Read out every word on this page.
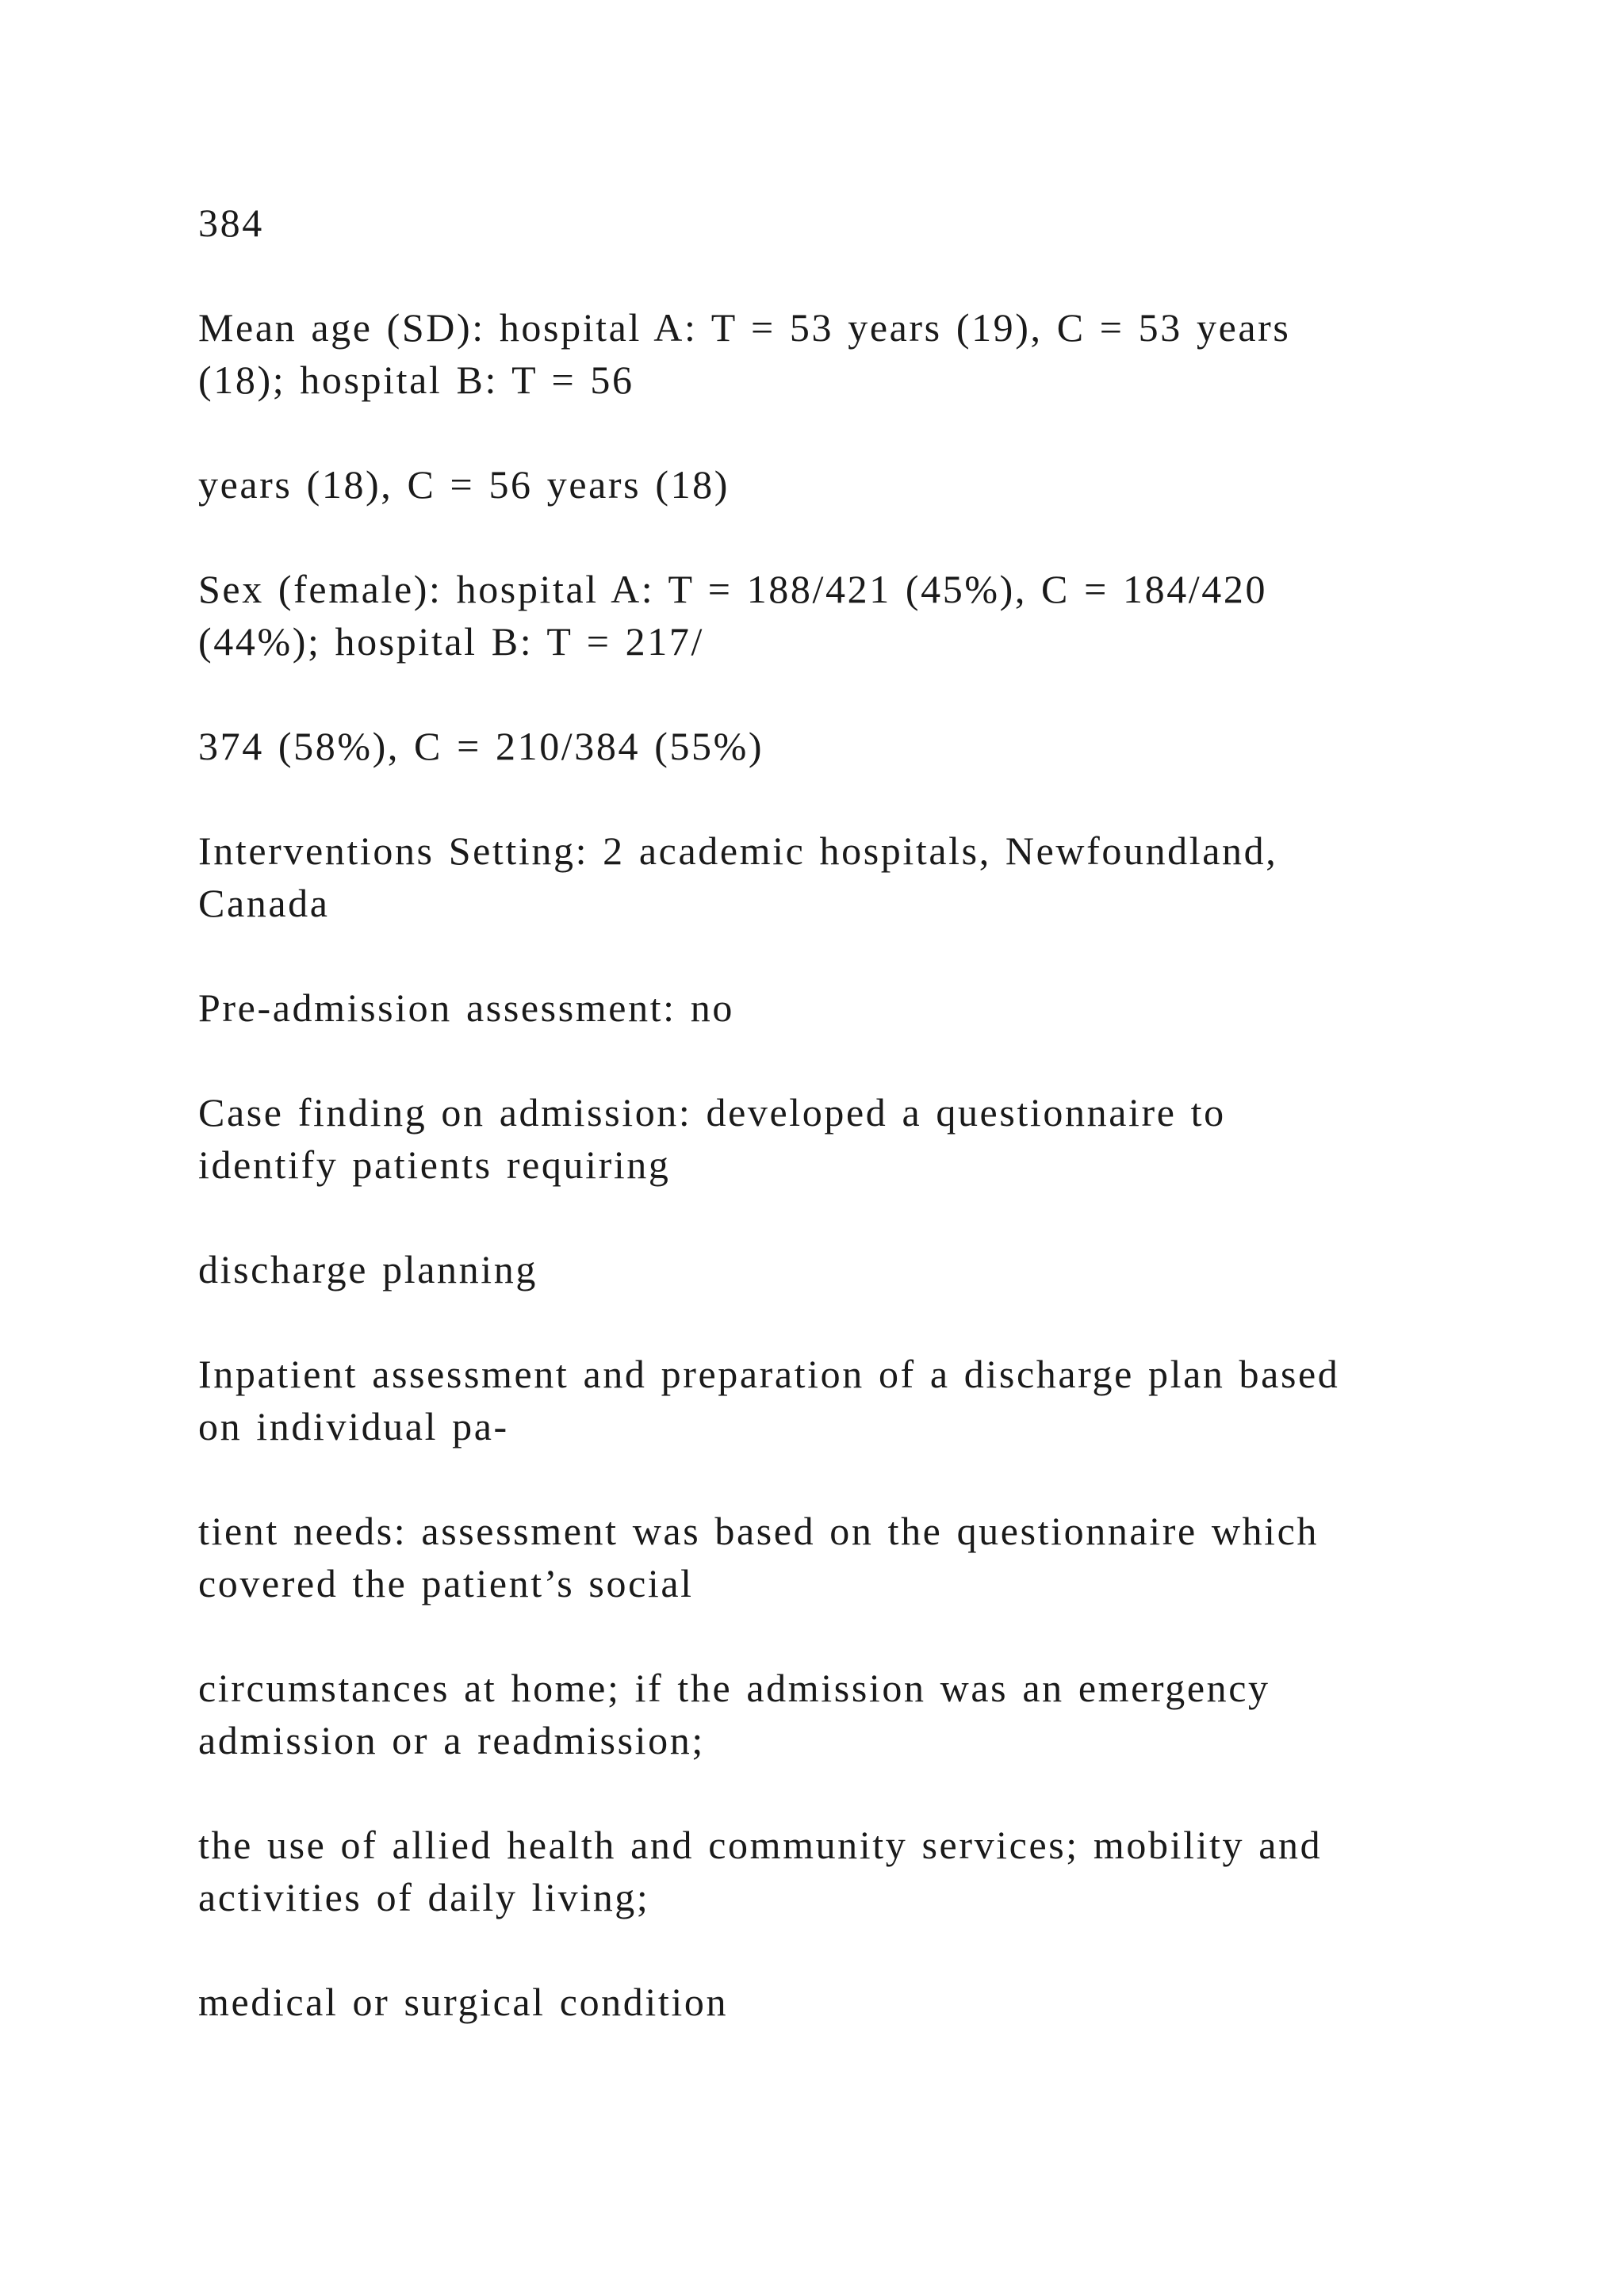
384

Mean age (SD): hospital A: T = 53 years (19), C = 53 years
(18); hospital B: T = 56

years (18), C = 56 years (18)

Sex (female): hospital A: T = 188/421 (45%), C = 184/420
(44%); hospital B: T = 217/

374 (58%), C = 210/384 (55%)

Interventions Setting: 2 academic hospitals, Newfoundland,
Canada

Pre-admission assessment: no

Case finding on admission: developed a questionnaire to
identify patients requiring

discharge planning

Inpatient assessment and preparation of a discharge plan based
on individual pa-

tient needs: assessment was based on the questionnaire which
covered the patient’s social

circumstances at home; if the admission was an emergency
admission or a readmission;

the use of allied health and community services; mobility and
activities of daily living;

medical or surgical condition
